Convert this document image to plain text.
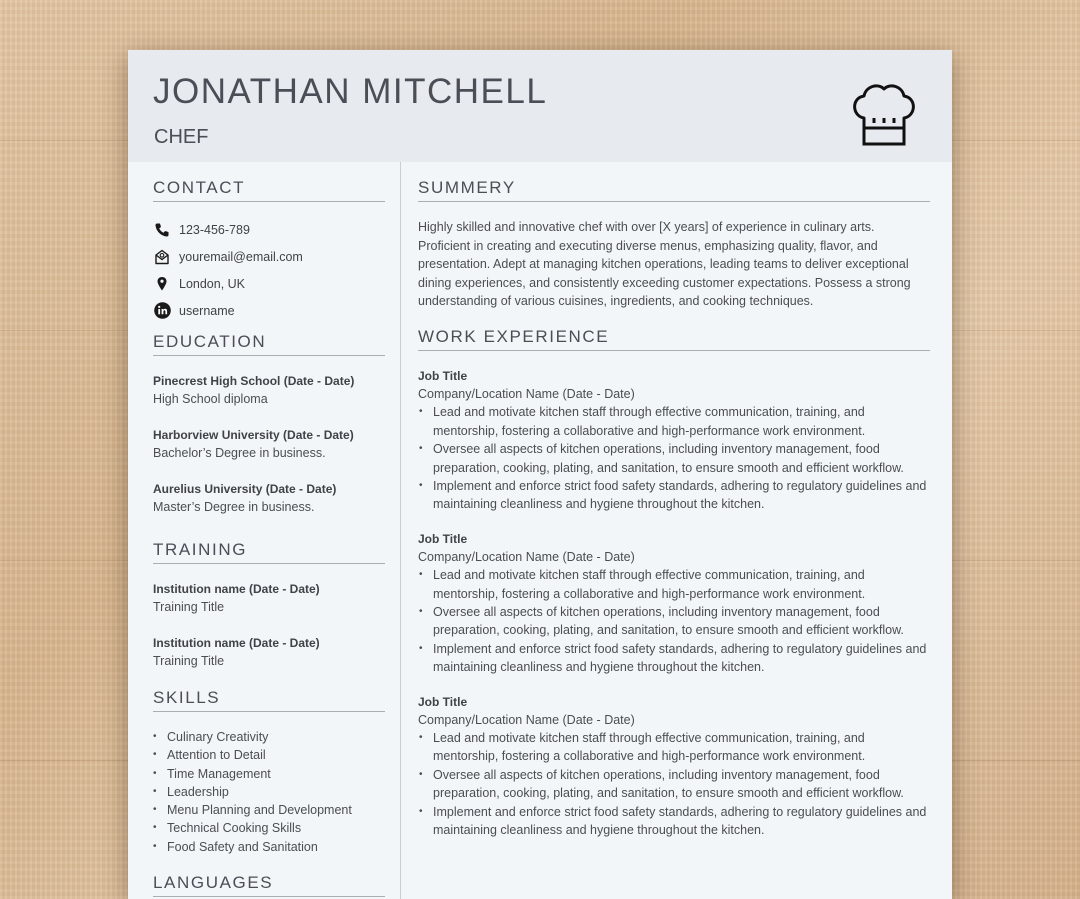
JONATHAN MITCHELL
CHEF
CONTACT
123-456-789
youremail@email.com
London, UK
username
EDUCATION
Pinecrest High School (Date - Date)
High School diploma
Harborview University (Date - Date)
Bachelor’s Degree in business.
Aurelius University (Date - Date)
Master’s Degree in business.
TRAINING
Institution name (Date - Date)
Training Title
Institution name (Date - Date)
Training Title
SKILLS
• Culinary Creativity
• Attention to Detail
• Time Management
• Leadership
• Menu Planning and Development
• Technical Cooking Skills
• Food Safety and Sanitation
LANGUAGES
SUMMERY

Highly skilled and innovative chef with over [X years] of experience in culinary arts. Proficient in creating and executing diverse menus, emphasizing quality, flavor, and presentation. Adept at managing kitchen operations, leading teams to deliver exceptional dining experiences, and consistently exceeding customer expectations. Possess a strong understanding of various cuisines, ingredients, and cooking techniques.

WORK EXPERIENCE
Job Title
Company/Location Name (Date - Date)
• Lead and motivate kitchen staff through effective communication, training, and mentorship, fostering a collaborative and high-performance work environment.
• Oversee all aspects of kitchen operations, including inventory management, food preparation, cooking, plating, and sanitation, to ensure smooth and efficient workflow.
• Implement and enforce strict food safety standards, adhering to regulatory guidelines and maintaining cleanliness and hygiene throughout the kitchen.
Job Title
Company/Location Name (Date - Date)
• Lead and motivate kitchen staff through effective communication, training, and mentorship, fostering a collaborative and high-performance work environment.
• Oversee all aspects of kitchen operations, including inventory management, food preparation, cooking, plating, and sanitation, to ensure smooth and efficient workflow.
• Implement and enforce strict food safety standards, adhering to regulatory guidelines and maintaining cleanliness and hygiene throughout the kitchen.
Job Title
Company/Location Name (Date - Date)
• Lead and motivate kitchen staff through effective communication, training, and mentorship, fostering a collaborative and high-performance work environment.
• Oversee all aspects of kitchen operations, including inventory management, food preparation, cooking, plating, and sanitation, to ensure smooth and efficient workflow.
• Implement and enforce strict food safety standards, adhering to regulatory guidelines and maintaining cleanliness and hygiene throughout the kitchen.
